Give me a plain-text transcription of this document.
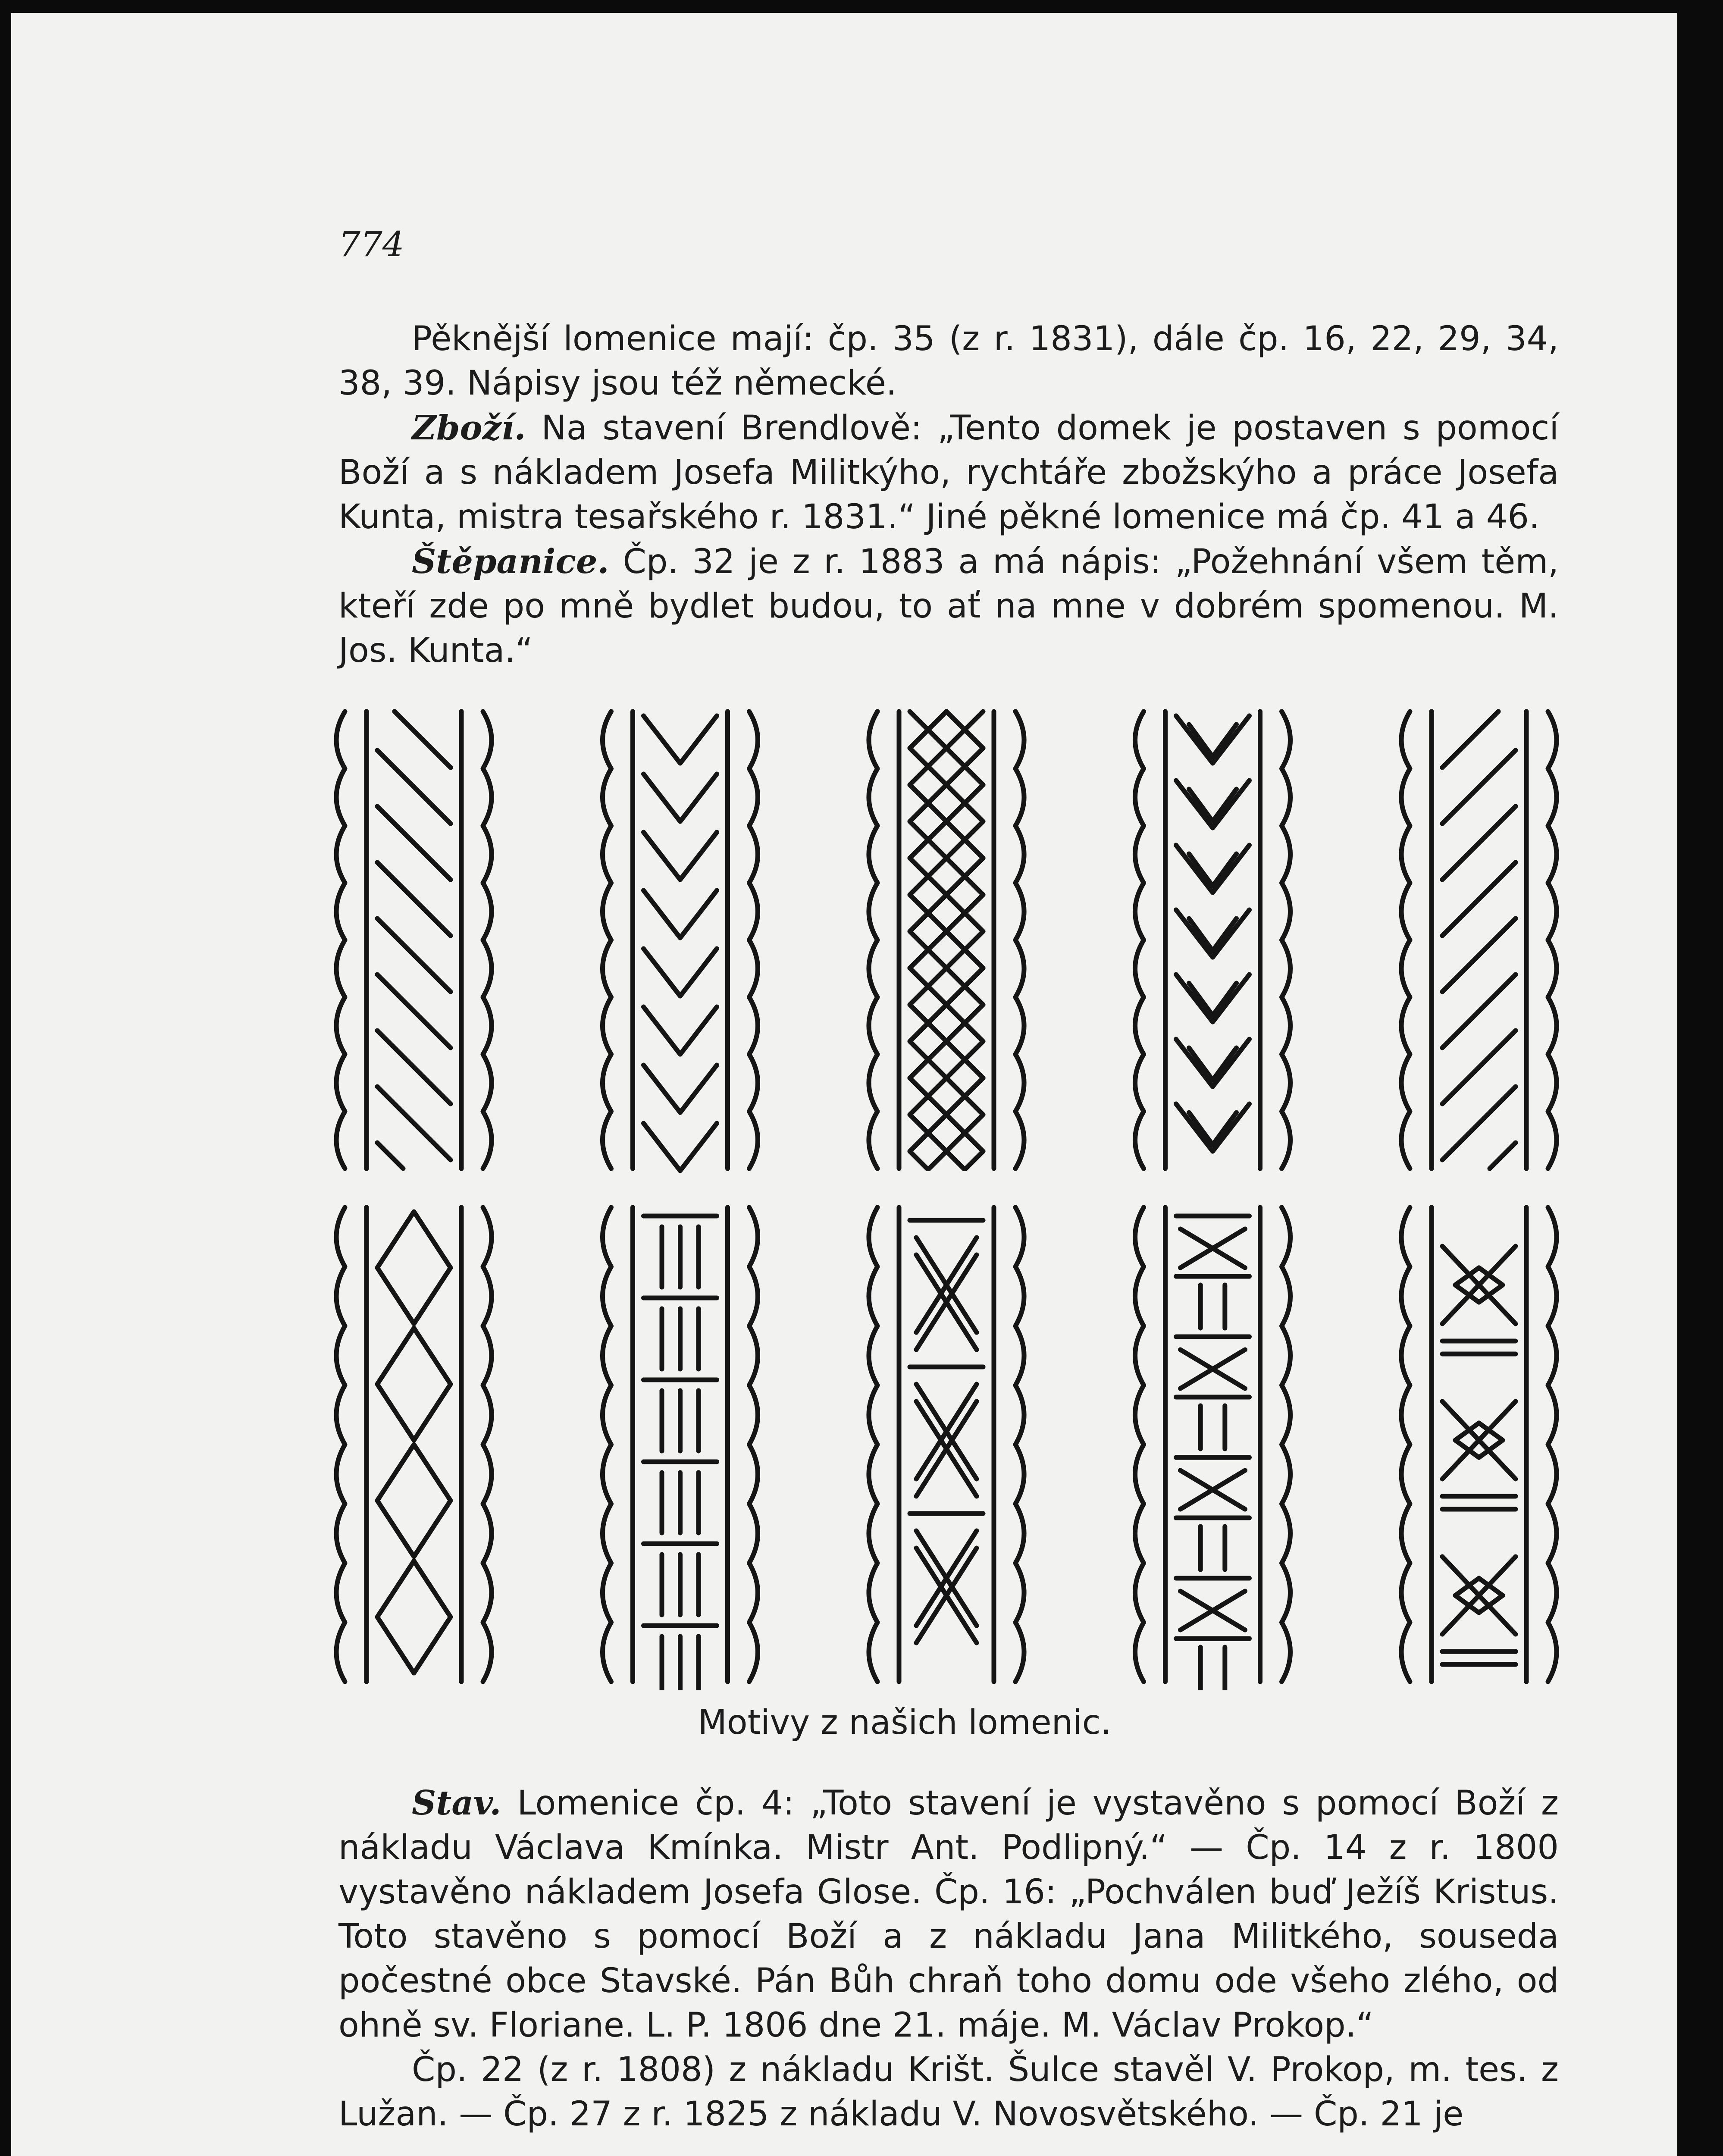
774

Pěknější lomenice mají: čp. 35 (z r. 1831), dále čp. 16, 22, 29, 34, 38, 39. Nápisy jsou též německé.

Zboží. Na stavení Brendlově: „Tento domek je postaven s pomocí Boží a s nákladem Josefa Militkýho, rychtáře zbožskýho a práce Josefa Kunta, mistra tesařského r. 1831.“ Jiné pěkné lomenice má čp. 41 a 46.

Štěpanice. Čp. 32 je z r. 1883 a má nápis: „Požehnání všem těm, kteří zde po mně bydlet budou, to ať na mne v dobrém spomenou. M. Jos. Kunta.“

Motivy z našich lomenic.

Stav. Lomenice čp. 4: „Toto stavení je vystavěno s pomocí Boží z nákladu Václava Kmínka. Mistr Ant. Podlipný.“ — Čp. 14 z r. 1800 vystavěno nákladem Josefa Glose. Čp. 16: „Pochválen buď Ježíš Kristus. Toto stavěno s pomocí Boží a z nákladu Jana Militkého, souseda počestné obce Stavské. Pán Bůh chraň toho domu ode všeho zlého, od ohně sv. Floriane. L. P. 1806 dne 21. máje. M. Václav Prokop.“

Čp. 22 (z r. 1808) z nákladu Krišt. Šulce stavěl V. Prokop, m. tes. z Lužan. — Čp. 27 z r. 1825 z nákladu V. Novosvětského. — Čp. 21 je
